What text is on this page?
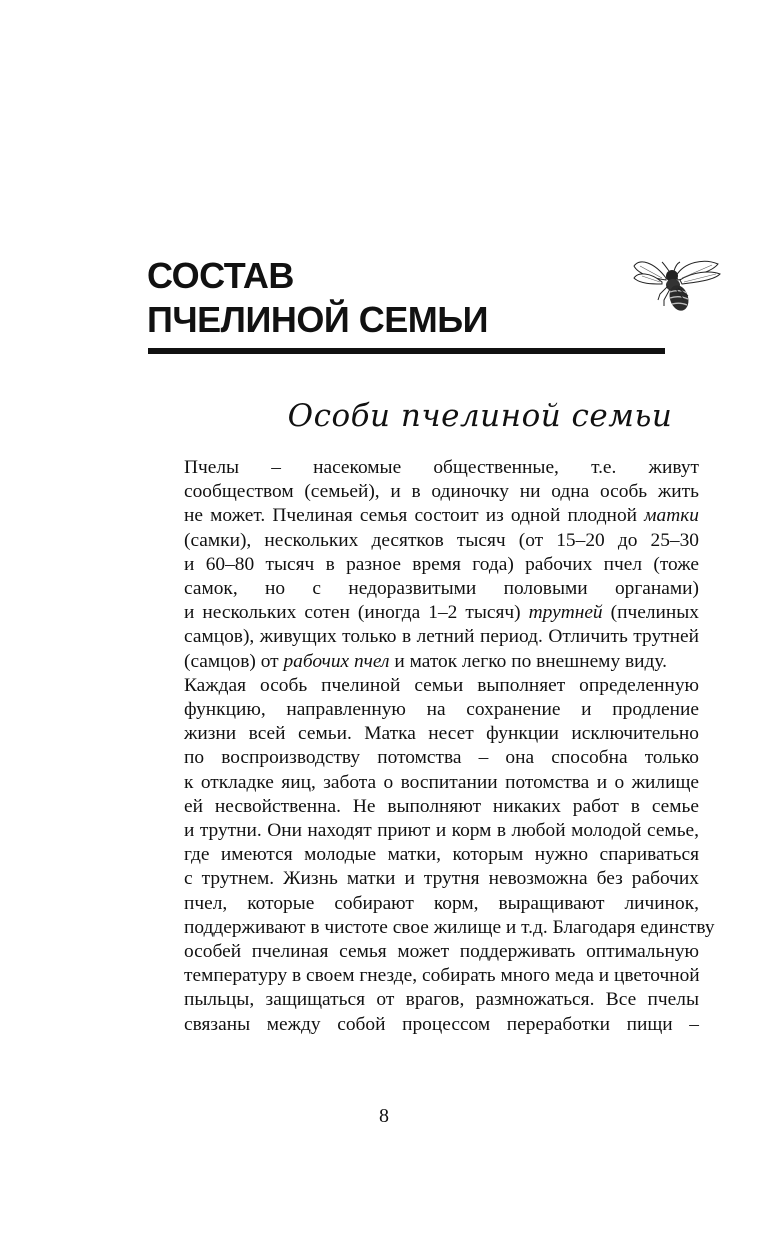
СОСТАВ
ПЧЕЛИНОЙ СЕМЬИ
Особи пчелиной семьи

Пчелы – насекомые общественные, т.е. живут
сообществом (семьей), и в одиночку ни одна особь жить
не может. Пчелиная семья состоит из одной плодной матки
(самки), нескольких десятков тысяч (от 15–20 до 25–30
и 60–80 тысяч в разное время года) рабочих пчел (тоже
самок, но с недоразвитыми половыми органами)
и нескольких сотен (иногда 1–2 тысяч) трутней (пчелиных
самцов), живущих только в летний период. Отличить трутней
(самцов) от рабочих пчел и маток легко по внешнему виду.

Каждая особь пчелиной семьи выполняет определенную
функцию, направленную на сохранение и продление
жизни всей семьи. Матка несет функции исключительно
по воспроизводству потомства – она способна только
к откладке яиц, забота о воспитании потомства и о жилище
ей несвойственна. Не выполняют никаких работ в семье
и трутни. Они находят приют и корм в любой молодой семье,
где имеются молодые матки, которым нужно спариваться
с трутнем. Жизнь матки и трутня невозможна без рабочих
пчел, которые собирают корм, выращивают личинок,
поддерживают в чистоте свое жилище и т.д. Благодаря единству
особей пчелиная семья может поддерживать оптимальную
температуру в своем гнезде, собирать много меда и цветочной
пыльцы, защищаться от врагов, размножаться. Все пчелы
связаны между собой процессом переработки пищи –

8
